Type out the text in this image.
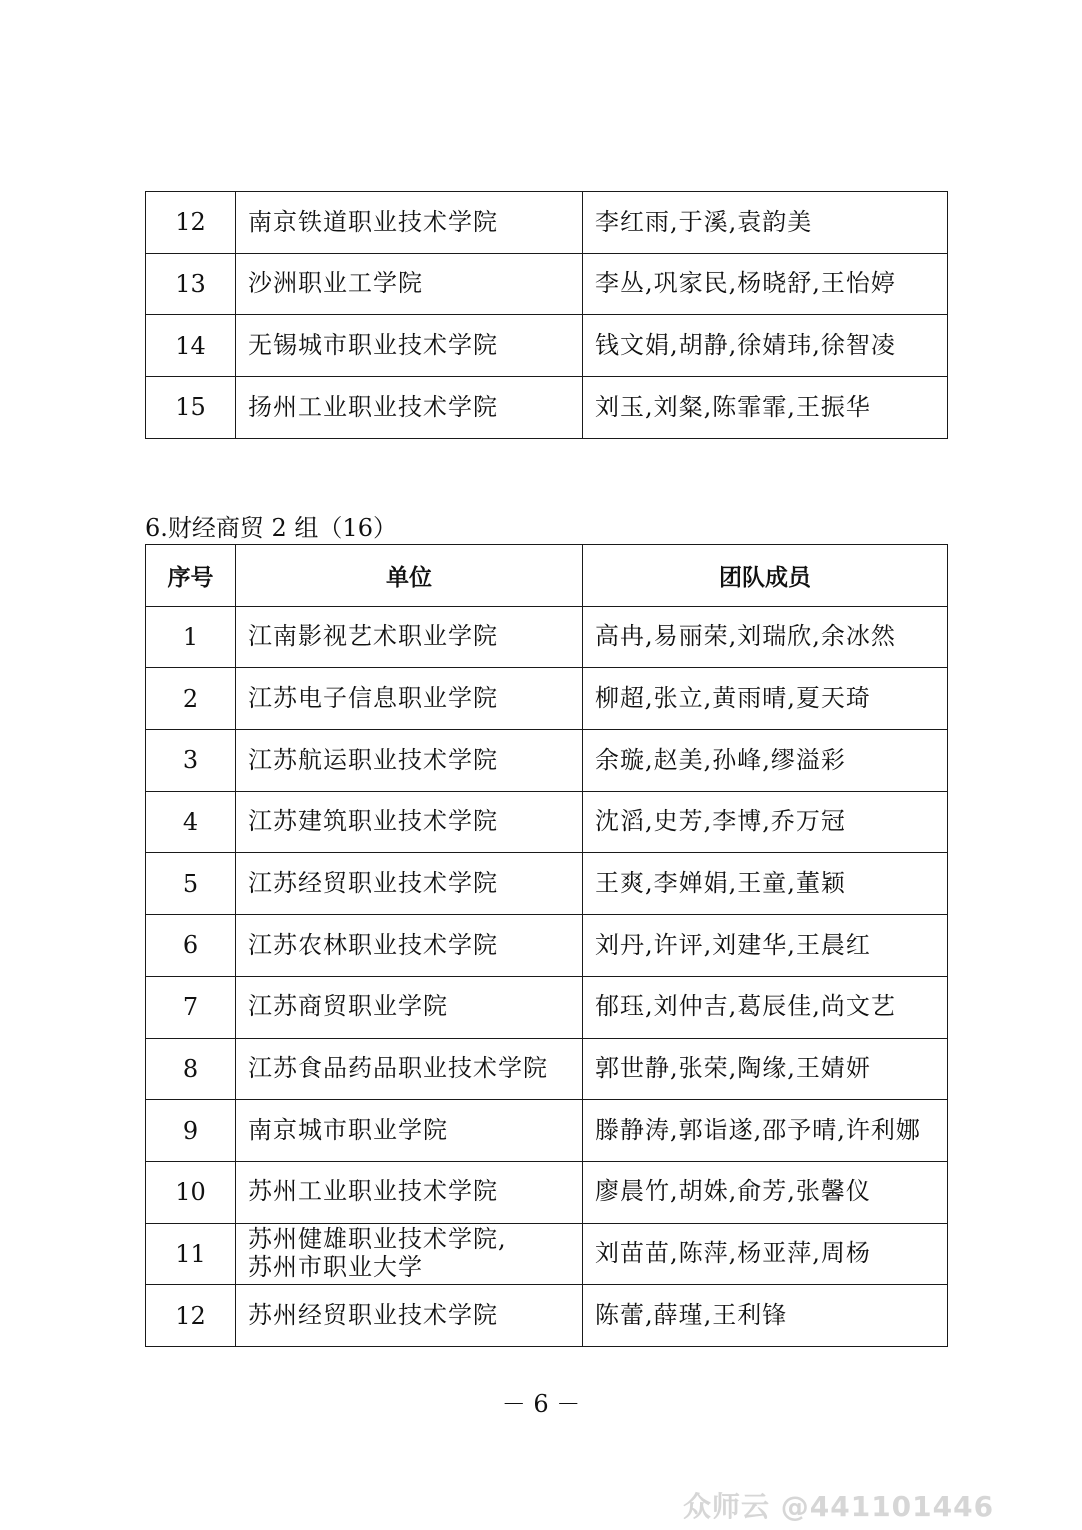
12	南京铁道职业技术学院	李红雨,于溪,袁韵美
13	沙洲职业工学院	李丛,巩家民,杨晓舒,王怡婷
14	无锡城市职业技术学院	钱文娟,胡静,徐婧玮,徐智凌
15	扬州工业职业技术学院	刘玉,刘粲,陈霏霏,王振华
6.财经商贸 2 组（16）
序号	单位	团队成员
1	江南影视艺术职业学院	高冉,易丽荣,刘瑞欣,余冰然
2	江苏电子信息职业学院	柳超,张立,黄雨晴,夏天琦
3	江苏航运职业技术学院	余璇,赵美,孙峰,缪溢彩
4	江苏建筑职业技术学院	沈滔,史芳,李博,乔万冠
5	江苏经贸职业技术学院	王爽,李婵娟,王童,董颖
6	江苏农林职业技术学院	刘丹,许评,刘建华,王晨红
7	江苏商贸职业学院	郁珏,刘仲吉,葛辰佳,尚文艺
8	江苏食品药品职业技术学院	郭世静,张荣,陶缘,王婧妍
9	南京城市职业学院	滕静涛,郭诣遂,邵予晴,许利娜
10	苏州工业职业技术学院	廖晨竹,胡姝,俞芳,张馨仪
11	苏州健雄职业技术学院,
苏州市职业大学	刘苗苗,陈萍,杨亚萍,周杨
12	苏州经贸职业技术学院	陈蕾,薛瑾,王利锋
－ 6 －
众师云 @441101446
